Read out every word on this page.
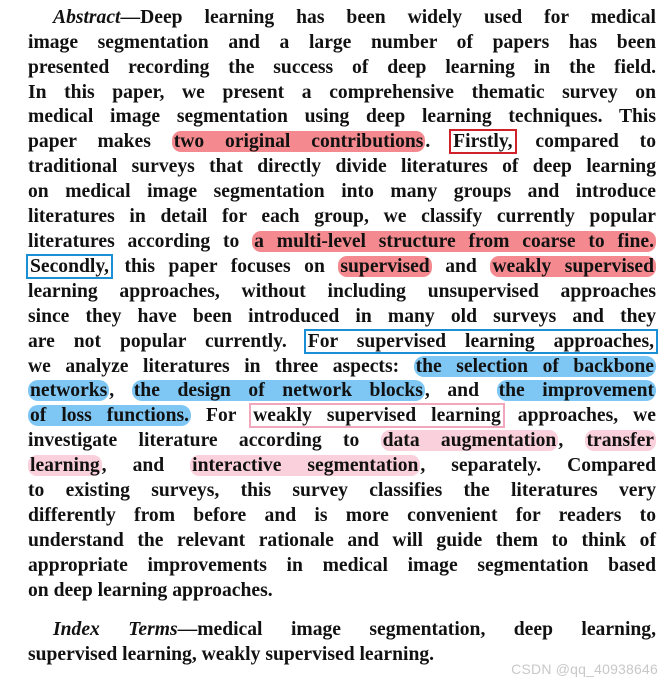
Abstract—Deep learning has been widely used for medical
image segmentation and a large number of papers has been
presented recording the success of deep learning in the field.
In this paper, we present a comprehensive thematic survey on
medical image segmentation using deep learning techniques. This
paper makes two original contributions . Firstly, compared to
traditional surveys that directly divide literatures of deep learning
on medical image segmentation into many groups and introduce
literatures in detail for each group, we classify currently popular
literatures according to a multi-level structure from coarse to fine.
Secondly, this paper focuses on supervised and weakly supervised
learning approaches, without including unsupervised approaches
since they have been introduced in many old surveys and they
are not popular currently. For supervised learning approaches,
we analyze literatures in three aspects: the selection of backbone
networks , the design of network blocks , and the improvement
of loss functions. For weakly supervised learning approaches, we
investigate literature according to data augmentation , transfer
learning , and interactive segmentation , separately. Compared
to existing surveys, this survey classifies the literatures very
differently from before and is more convenient for readers to
understand the relevant rationale and will guide them to think of
appropriate improvements in medical image segmentation based
on deep learning approaches.
Index Terms—medical image segmentation, deep learning,
supervised learning, weakly supervised learning.
CSDN @qq_40938646
